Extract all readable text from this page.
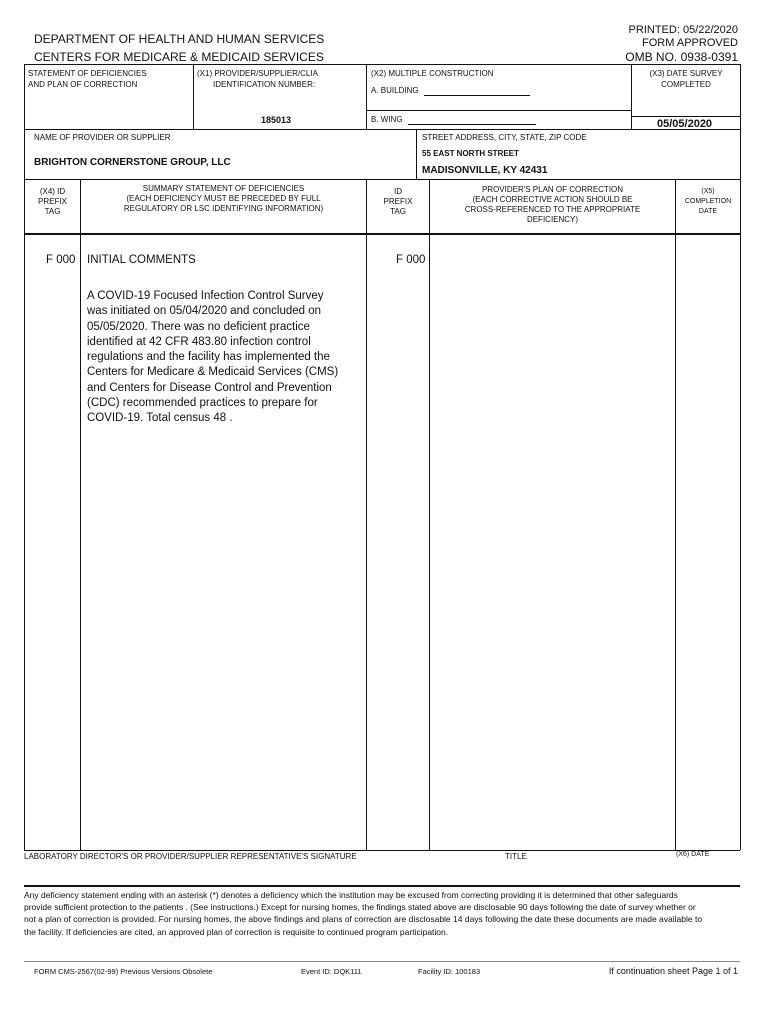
DEPARTMENT OF HEALTH AND HUMAN SERVICES
CENTERS FOR MEDICARE & MEDICAID SERVICES
PRINTED: 05/22/2020
FORM APPROVED
OMB NO. 0938-0391
STATEMENT OF DEFICIENCIES
AND PLAN OF CORRECTION
(X1) PROVIDER/SUPPLIER/CLIA
IDENTIFICATION NUMBER:
185013
(X2) MULTIPLE CONSTRUCTION
A. BUILDING
B. WING
(X3) DATE SURVEY
COMPLETED
05/05/2020
NAME OF PROVIDER OR SUPPLIER
BRIGHTON CORNERSTONE GROUP, LLC
STREET ADDRESS, CITY, STATE, ZIP CODE
55 EAST NORTH STREET
MADISONVILLE, KY 42431
(X4) ID
PREFIX
TAG
SUMMARY STATEMENT OF DEFICIENCIES
(EACH DEFICIENCY MUST BE PRECEDED BY FULL
REGULATORY OR LSC IDENTIFYING INFORMATION)
ID
PREFIX
TAG
PROVIDER'S PLAN OF CORRECTION
(EACH CORRECTIVE ACTION SHOULD BE
CROSS-REFERENCED TO THE APPROPRIATE
DEFICIENCY)
(X5)
COMPLETION
DATE
F 000 INITIAL COMMENTS	F 000
A COVID-19 Focused Infection Control Survey
was initiated on 05/04/2020 and concluded on
05/05/2020. There was no deficient practice
identified at 42 CFR 483.80 infection control
regulations and the facility has implemented the
Centers for Medicare & Medicaid Services (CMS)
and Centers for Disease Control and Prevention
(CDC) recommended practices to prepare for
COVID-19. Total census 48 .
LABORATORY DIRECTOR'S OR PROVIDER/SUPPLIER REPRESENTATIVE'S SIGNATURE	TITLE	(X6) DATE
Any deficiency statement ending with an asterisk (*) denotes a deficiency which the institution may be excused from correcting providing it is determined that other safeguards provide sufficient protection to the patients . (See instructions.) Except for nursing homes, the findings stated above are disclosable 90 days following the date of survey whether or not a plan of correction is provided. For nursing homes, the above findings and plans of correction are disclosable 14 days following the date these documents are made available to the facility. If deficiencies are cited, an approved plan of correction is requisite to continued program participation.
FORM CMS-2567(02-99) Previous Versions Obsolete	Event ID: DQK111	Facility ID: 100183	If continuation sheet Page 1 of 1
